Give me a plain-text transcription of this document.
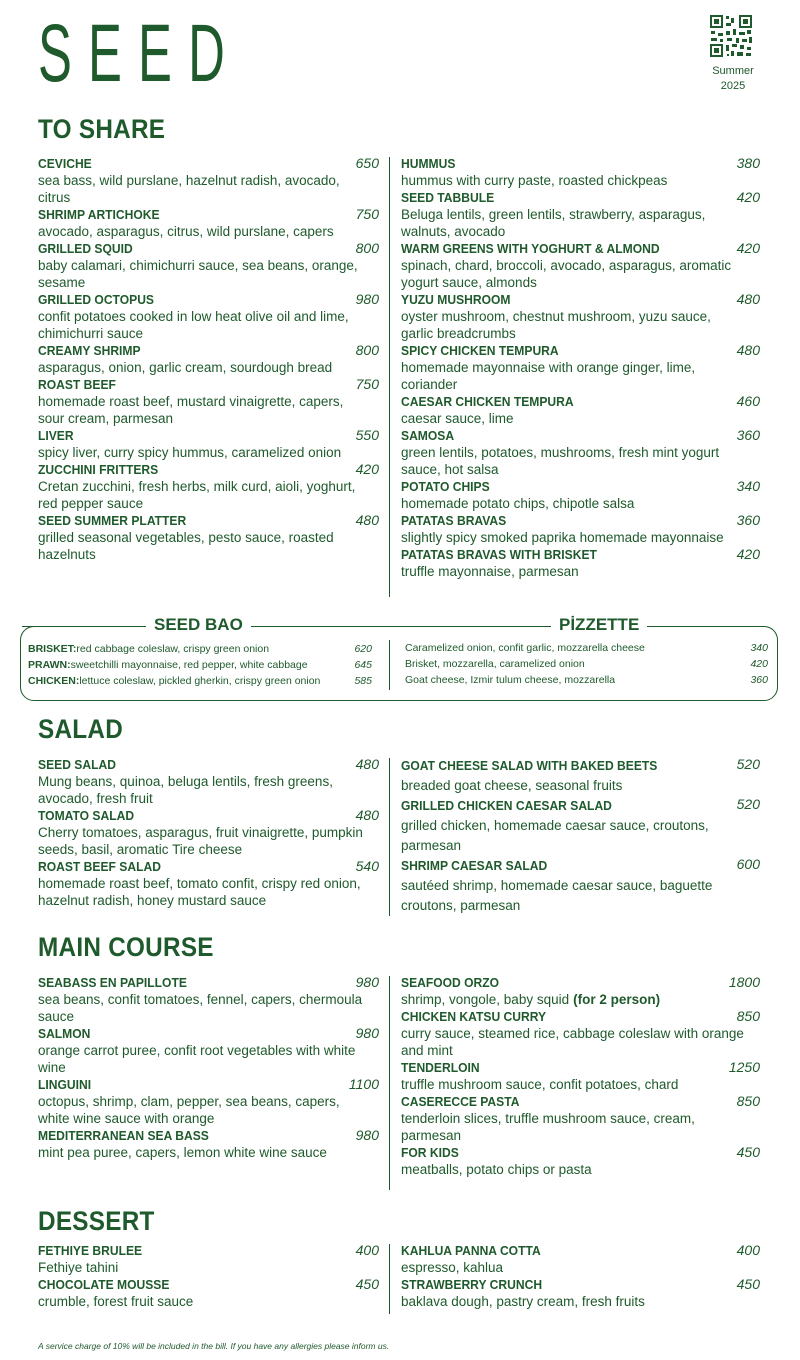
SEED	Summer 2025
TO SHARE
CEVICHE	650
sea bass, wild purslane, hazelnut radish, avocado, citrus
SHRIMP ARTICHOKE	750
avocado, asparagus, citrus, wild purslane, capers
GRILLED SQUID	800
baby calamari, chimichurri sauce, sea beans, orange, sesame
GRILLED OCTOPUS	980
confit potatoes cooked in low heat olive oil and lime, chimichurri sauce
CREAMY SHRIMP	800
asparagus, onion, garlic cream, sourdough bread
ROAST BEEF	750
homemade roast beef, mustard vinaigrette, capers, sour cream, parmesan
LIVER	550
spicy liver, curry spicy hummus, caramelized onion
ZUCCHINI FRITTERS	420
Cretan zucchini, fresh herbs, milk curd, aioli, yoghurt, red pepper sauce
SEED SUMMER PLATTER	480
grilled seasonal vegetables, pesto sauce, roasted hazelnuts
HUMMUS	380
hummus with curry paste, roasted chickpeas
SEED TABBULE	420
Beluga lentils, green lentils, strawberry, asparagus, walnuts, avocado
WARM GREENS WITH YOGHURT & ALMOND	420
spinach, chard, broccoli, avocado, asparagus, aromatic yogurt sauce, almonds
YUZU MUSHROOM	480
oyster mushroom, chestnut mushroom, yuzu sauce, garlic breadcrumbs
SPICY CHICKEN TEMPURA	480
homemade mayonnaise with orange ginger, lime, coriander
CAESAR CHICKEN TEMPURA	460
caesar sauce, lime
SAMOSA	360
green lentils, potatoes, mushrooms, fresh mint yogurt sauce, hot salsa
POTATO CHIPS	340
homemade potato chips, chipotle salsa
PATATAS BRAVAS	360
slightly spicy smoked paprika homemade mayonnaise
PATATAS BRAVAS WITH BRISKET	420
truffle mayonnaise, parmesan
SEED BAO	PİZZETTE
BRISKET:red cabbage coleslaw, crispy green onion	620
PRAWN:sweetchilli mayonnaise, red pepper, white cabbage	645
CHICKEN:lettuce coleslaw, pickled gherkin, crispy green onion	585
Caramelized onion, confit garlic, mozzarella cheese	340
Brisket, mozzarella, caramelized onion	420
Goat cheese, Izmir tulum cheese, mozzarella	360
SALAD
SEED SALAD	480
Mung beans, quinoa, beluga lentils, fresh greens, avocado, fresh fruit
TOMATO SALAD	480
Cherry tomatoes, asparagus, fruit vinaigrette, pumpkin seeds, basil, aromatic Tire cheese
ROAST BEEF SALAD	540
homemade roast beef, tomato confit, crispy red onion, hazelnut radish, honey mustard sauce
GOAT CHEESE SALAD WITH BAKED BEETS	520
breaded goat cheese, seasonal fruits
GRILLED CHICKEN CAESAR SALAD	520
grilled chicken, homemade caesar sauce, croutons, parmesan
SHRIMP CAESAR SALAD	600
sautéed shrimp, homemade caesar sauce, baguette croutons, parmesan
MAIN COURSE
SEABASS EN PAPILLOTE	980
sea beans, confit tomatoes, fennel, capers, chermoula sauce
SALMON	980
orange carrot puree, confit root vegetables with white wine
LINGUINI	1100
octopus, shrimp, clam, pepper, sea beans, capers, white wine sauce with orange
MEDITERRANEAN SEA BASS	980
mint pea puree, capers, lemon white wine sauce
SEAFOOD ORZO	1800
shrimp, vongole, baby squid (for 2 person)
CHICKEN KATSU CURRY	850
curry sauce, steamed rice, cabbage coleslaw with orange and mint
TENDERLOIN	1250
truffle mushroom sauce, confit potatoes, chard
CASERECCE PASTA	850
tenderloin slices, truffle mushroom sauce, cream, parmesan
FOR KIDS	450
meatballs, potato chips or pasta
DESSERT
FETHIYE BRULEE	400
Fethiye tahini
CHOCOLATE MOUSSE	450
crumble, forest fruit sauce
KAHLUA PANNA COTTA	400
espresso, kahlua
STRAWBERRY CRUNCH	450
baklava dough, pastry cream, fresh fruits
A service charge of 10% will be included in the bill. If you have any allergies please inform us.
